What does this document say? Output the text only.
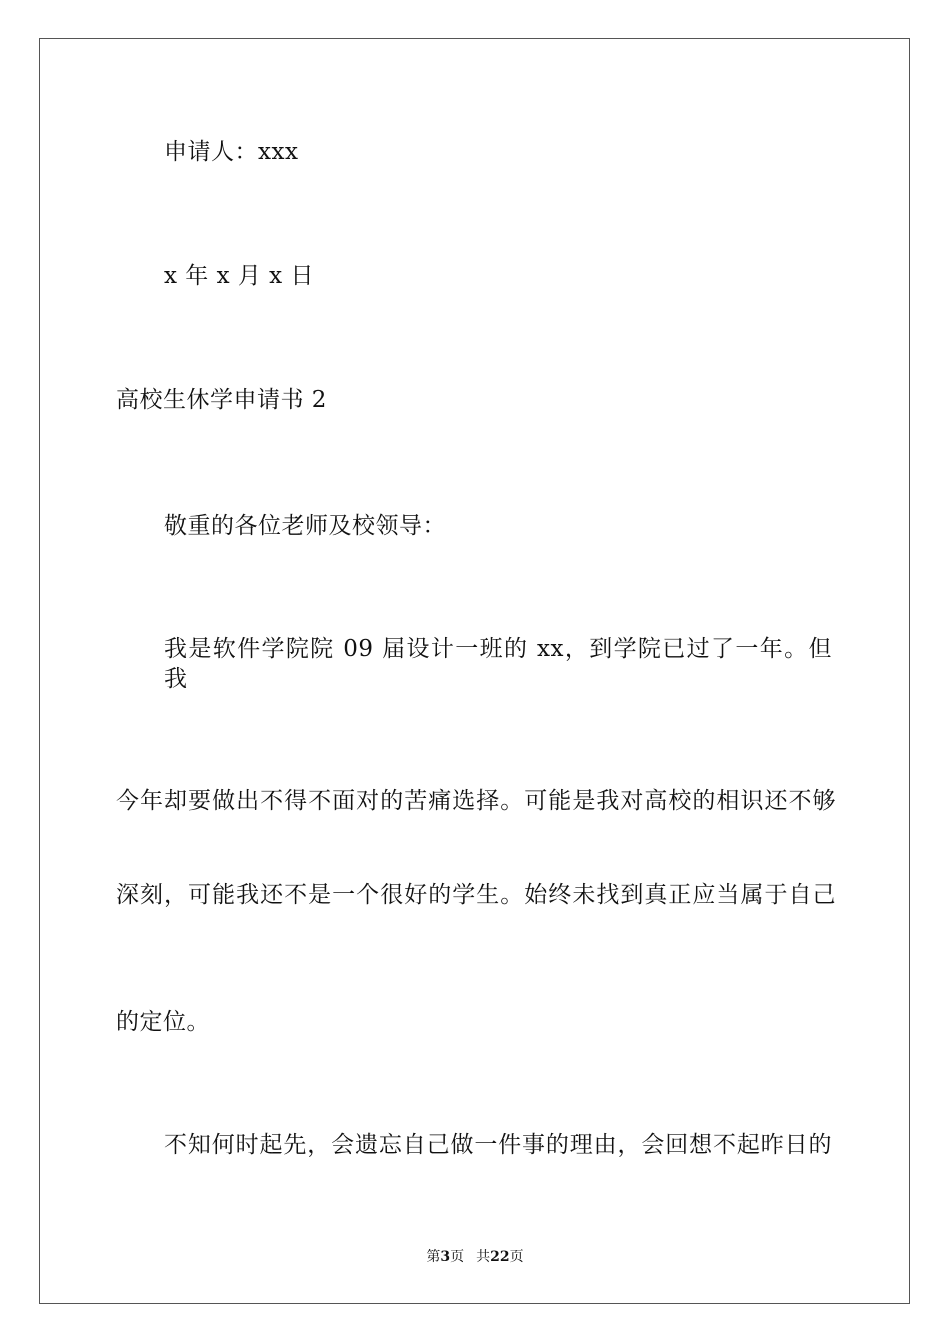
申请人：xxx
x 年 x 月 x 日
高校生休学申请书 2
敬重的各位老师及校领导：
我是软件学院院 09 届设计一班的 xx，到学院已过了一年。但我
今年却要做出不得不面对的苦痛选择。可能是我对高校的相识还不够
深刻，可能我还不是一个很好的学生。始终未找到真正应当属于自己
的定位。
不知何时起先，会遗忘自己做一件事的理由，会回想不起昨日的
第3页 共22页
